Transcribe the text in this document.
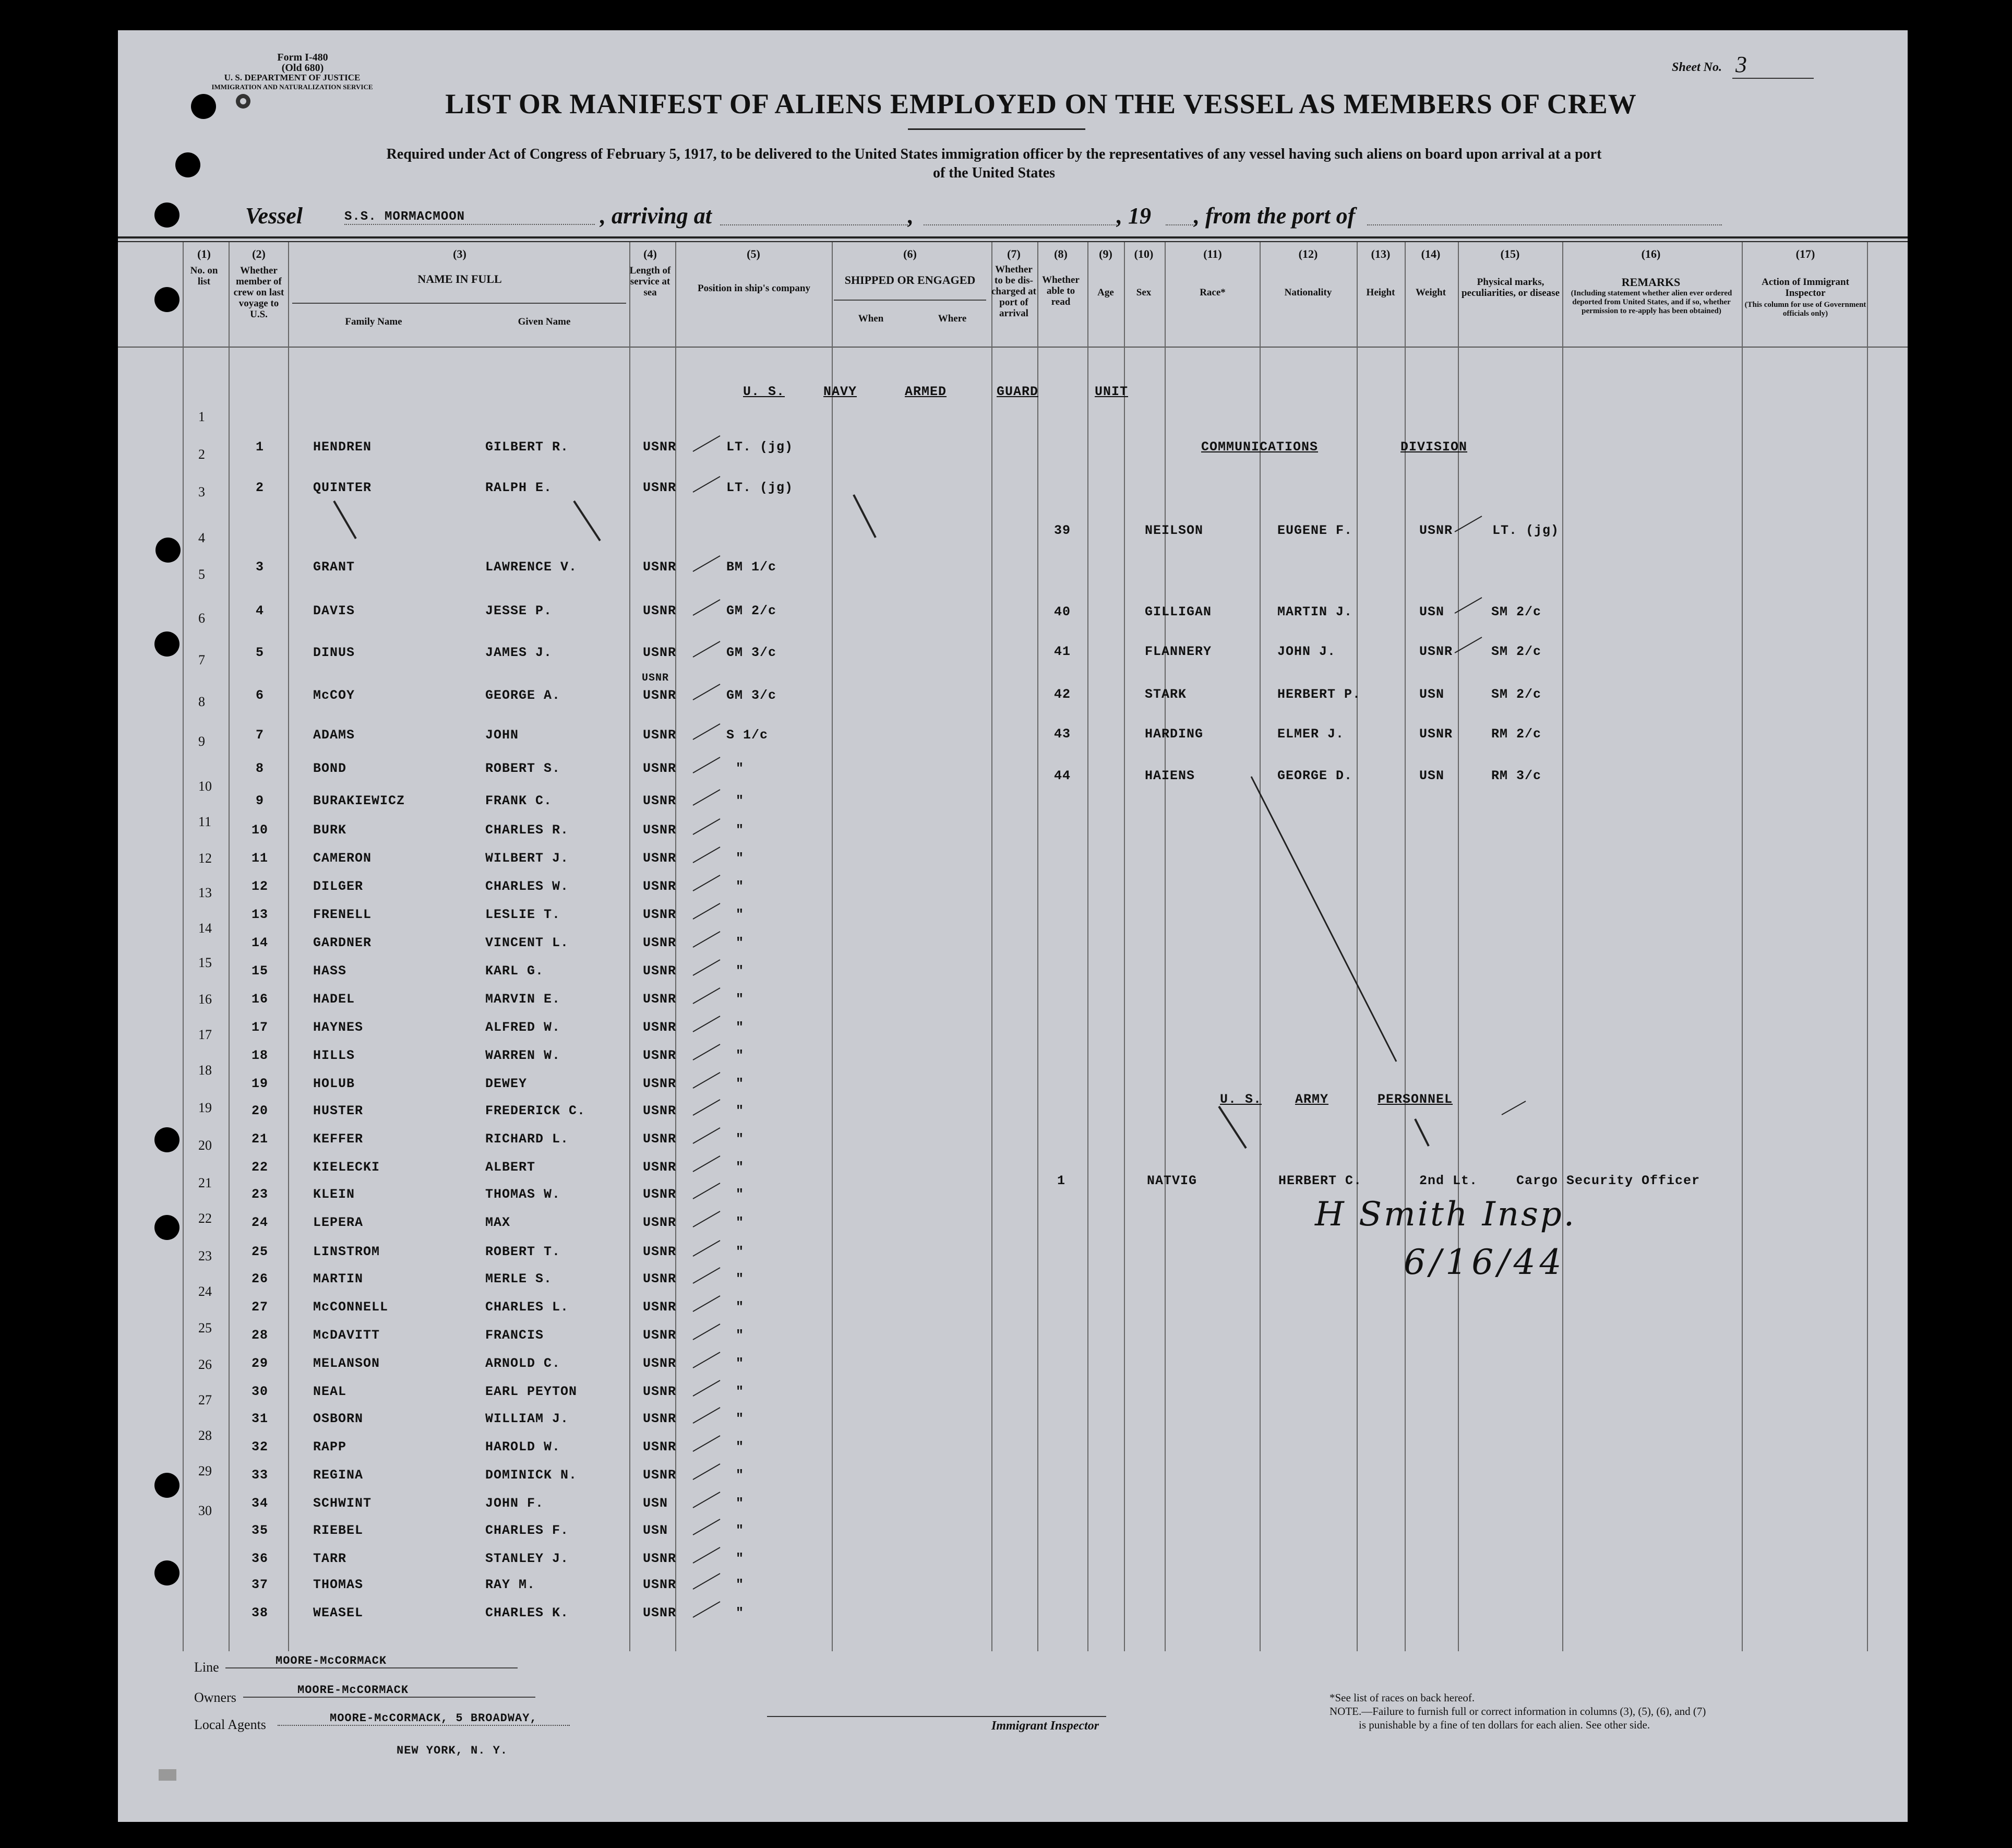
Form I-480
(Old 680)
U. S. DEPARTMENT OF JUSTICE
IMMIGRATION AND NATURALIZATION SERVICE
Sheet No. 3
LIST OR MANIFEST OF ALIENS EMPLOYED ON THE VESSEL AS MEMBERS OF CREW
Required under Act of Congress of February 5, 1917, to be delivered to the United States immigration officer by the representatives of any vessel having such aliens on board upon arrival at a port
of the United States
Vessel	S.S. MORMACMOON	, arriving at	,	, 19 , from the port of
(1)
No. on list
(2)
Whether member of crew on last voyage to U.S.
(3)
NAME IN FULL
Family Name	Given Name
(4)
Length of service at sea
(5)
Position in ship's company
(6)
SHIPPED OR ENGAGED
When	Where
(7)
Whether to be dis-charged at port of arrival
(8)
Whether able to read
(9)
Age
(10)
Sex
(11)
Race*
(12)
Nationality
(13)
Height
(14)
Weight
(15)
Physical marks, peculiarities, or disease
(16)
REMARKS
(Including statement whether alien ever ordered deported from United States, and if so, whether permission to re-apply has been obtained)
(17)
Action of Immigrant Inspector
(This column for use of Government officials only)
U. S.	NAVY	ARMED	GUARD	UNIT
COMMUNICATIONS	DIVISION
U. S.	ARMY	PERSONNEL
1
2
3
4
5
6
7
8
9
10
11
12
13
14
15
16
17
18
19
20
21
22
23
24
25
26
27
28
29
30
1	HENDREN	GILBERT R.	USNR	LT. (jg)
2	QUINTER	RALPH E.	USNR	LT. (jg)
3	GRANT	LAWRENCE V.	USNR	BM 1/c
4	DAVIS	JESSE P.	USNR	GM 2/c
5	DINUS	JAMES J.	USNR	GM 3/c
6	McCOY	GEORGE A.	USNR	GM 3/c
7	ADAMS	JOHN	USNR	S 1/c
8	BOND	ROBERT S.	USNR	"
9	BURAKIEWICZ	FRANK C.	USNR	"
10	BURK	CHARLES R.	USNR	"
11	CAMERON	WILBERT J.	USNR	"
12	DILGER	CHARLES W.	USNR	"
13	FRENELL	LESLIE T.	USNR	"
14	GARDNER	VINCENT L.	USNR	"
15	HASS	KARL G.	USNR	"
16	HADEL	MARVIN E.	USNR	"
17	HAYNES	ALFRED W.	USNR	"
18	HILLS	WARREN W.	USNR	"
19	HOLUB	DEWEY	USNR	"
20	HUSTER	FREDERICK C.	USNR	"
21	KEFFER	RICHARD L.	USNR	"
22	KIELECKI	ALBERT	USNR	"
23	KLEIN	THOMAS W.	USNR	"
24	LEPERA	MAX	USNR	"
25	LINSTROM	ROBERT T.	USNR	"
26	MARTIN	MERLE S.	USNR	"
27	McCONNELL	CHARLES L.	USNR	"
28	McDAVITT	FRANCIS	USNR	"
29	MELANSON	ARNOLD C.	USNR	"
30	NEAL	EARL PEYTON	USNR	"
31	OSBORN	WILLIAM J.	USNR	"
32	RAPP	HAROLD W.	USNR	"
33	REGINA	DOMINICK N.	USNR	"
34	SCHWINT	JOHN F.	USN	"
35	RIEBEL	CHARLES F.	USN	"
36	TARR	STANLEY J.	USNR	"
37	THOMAS	RAY M.	USNR	"
38	WEASEL	CHARLES K.	USNR	"
39	NEILSON	EUGENE F.	USNR	LT. (jg)
40	GILLIGAN	MARTIN J.	USN	SM 2/c
41	FLANNERY	JOHN J.	USNR	SM 2/c
42	STARK	HERBERT P.	USN	SM 2/c
43	HARDING	ELMER J.	USNR	RM 2/c
44	HAIENS	GEORGE D.	USN	RM 3/c
1	NATVIG	HERBERT C.	2nd Lt.	Cargo Security Officer
USNR
H Smith Insp.
6/16/44
Line	MOORE-McCORMACK
Owners	MOORE-McCORMACK
Local Agents	MOORE-McCORMACK, 5 BROADWAY,
NEW YORK, N. Y.
Immigrant Inspector
*See list of races on back hereof.
NOTE.—Failure to furnish full or correct information in columns (3), (5), (6), and (7)
is punishable by a fine of ten dollars for each alien. See other side.
